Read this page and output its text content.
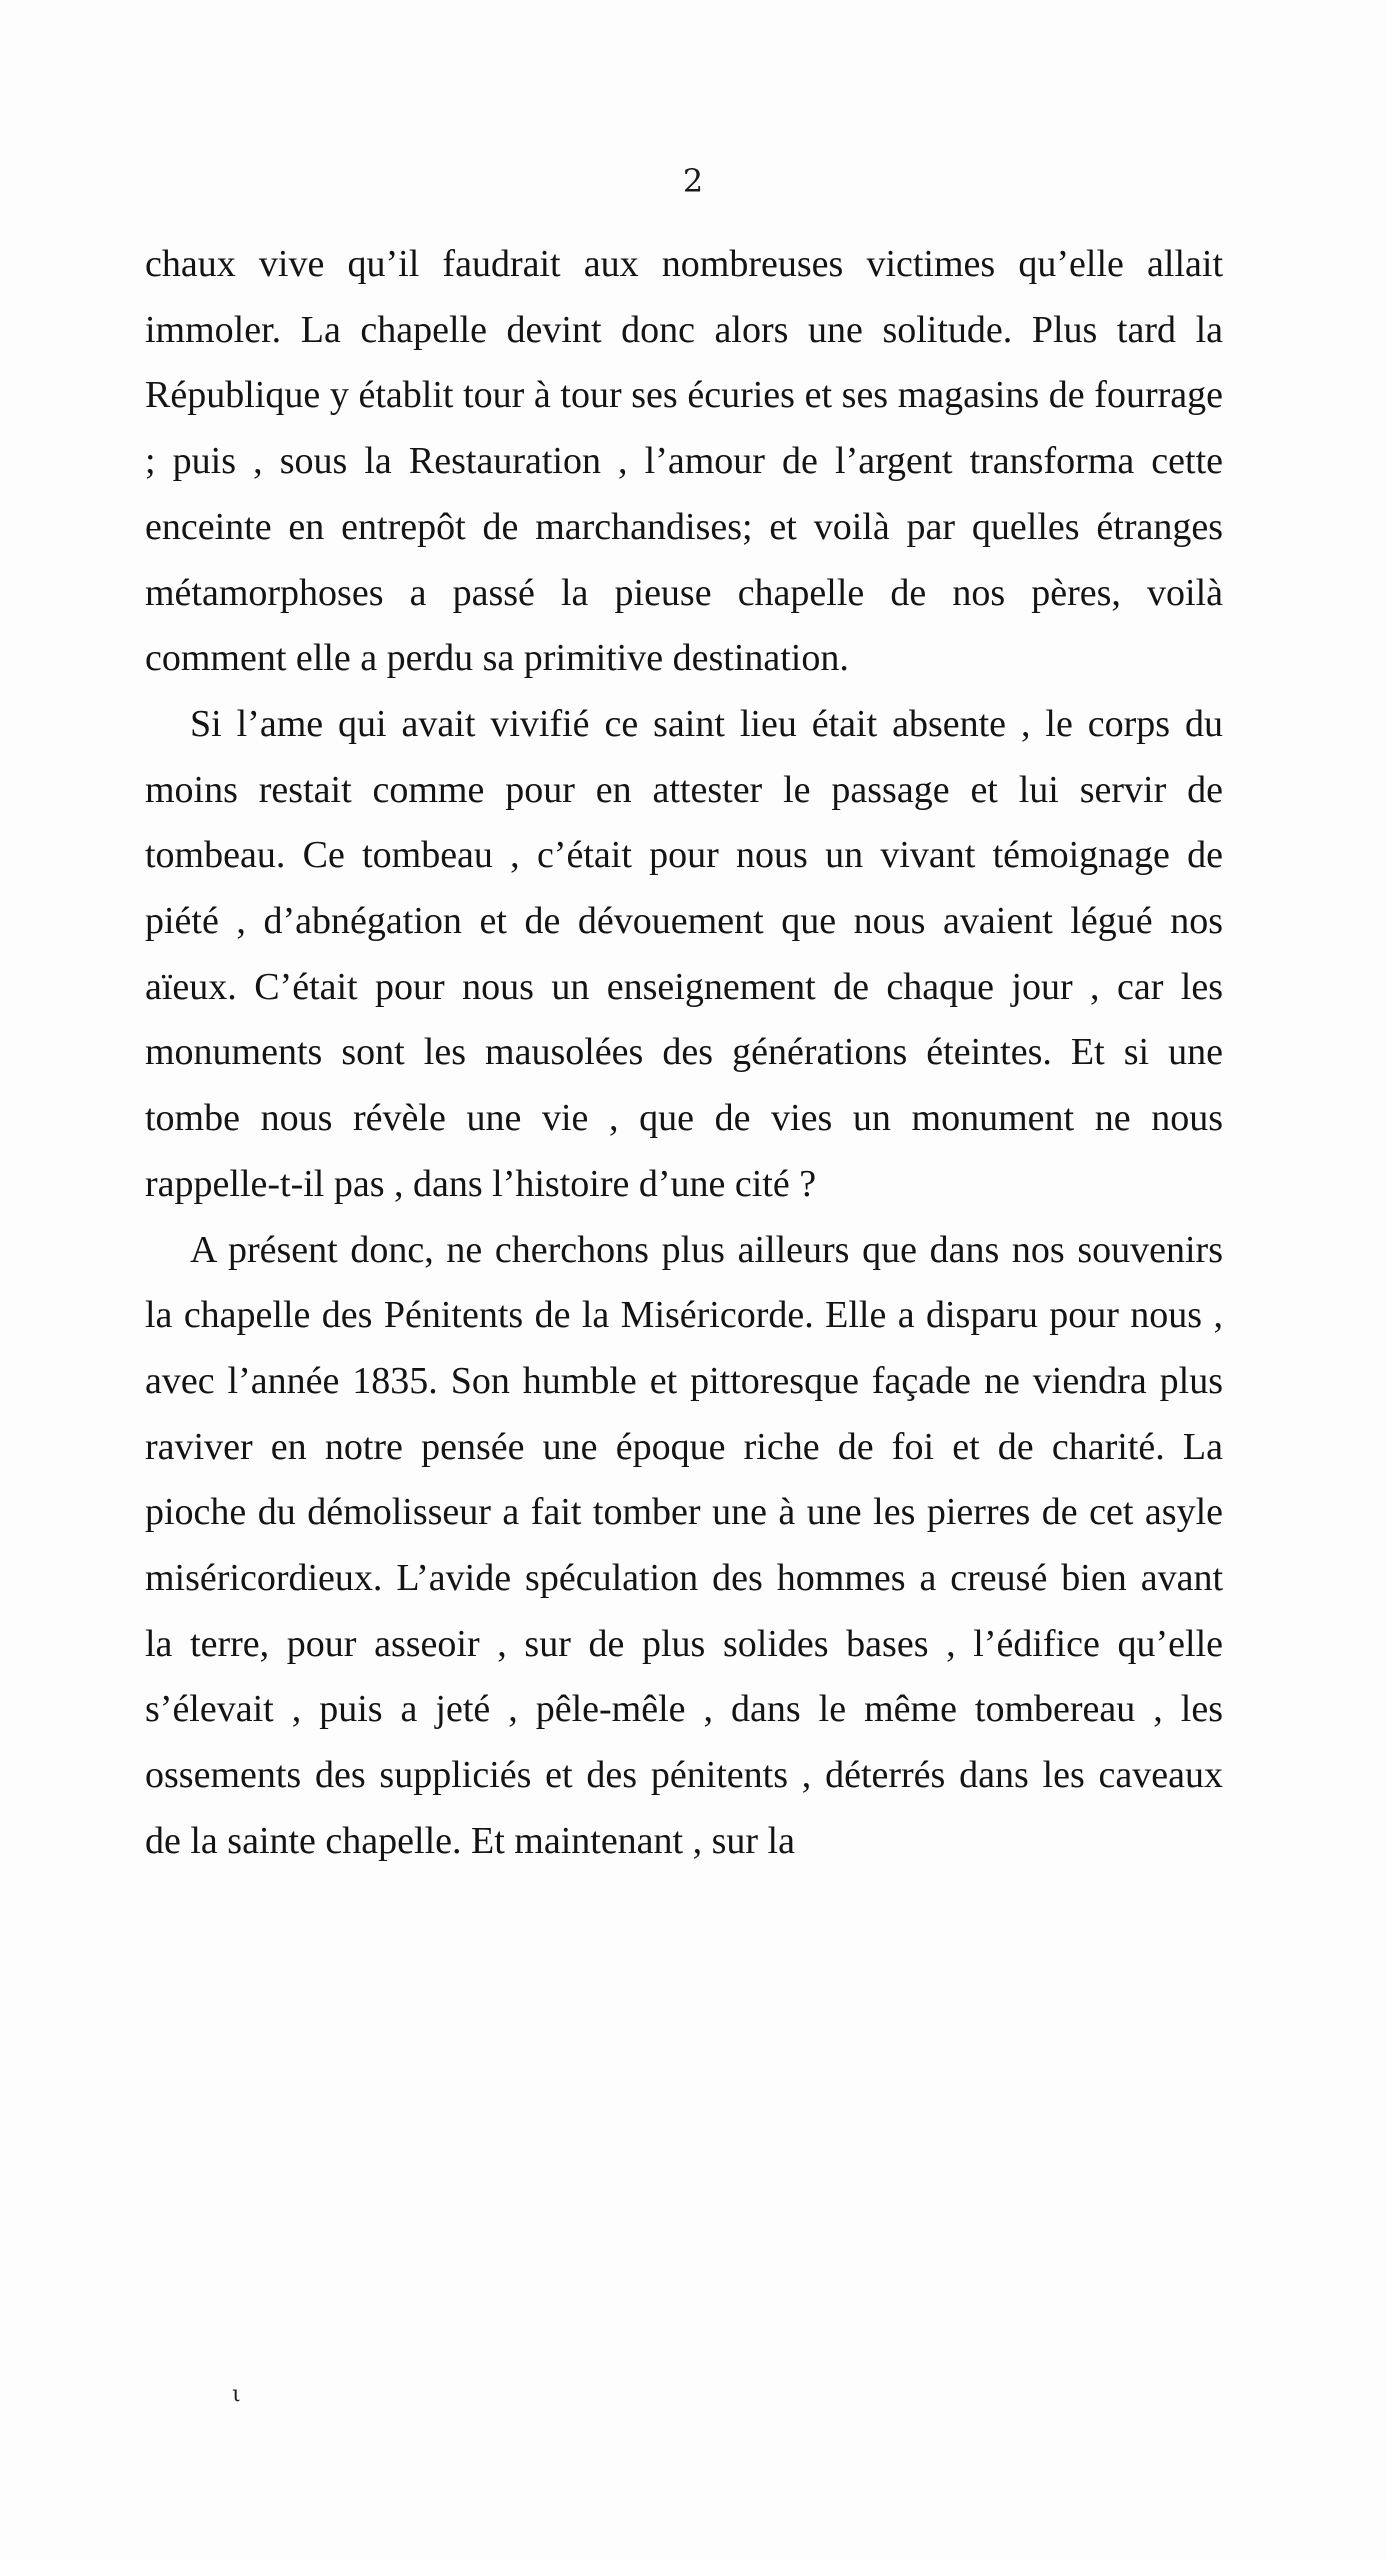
2

chaux vive qu’il faudrait aux nombreuses victimes qu’elle allait immoler. La chapelle devint donc alors une solitude. Plus tard la République y établit tour à tour ses écuries et ses magasins de fourrage ; puis , sous la Restauration , l’amour de l’argent transforma cette enceinte en entrepôt de marchandises; et voilà par quelles étranges métamorphoses a passé la pieuse chapelle de nos pères, voilà comment elle a perdu sa primitive destination.

Si l’ame qui avait vivifié ce saint lieu était absente , le corps du moins restait comme pour en attester le passage et lui servir de tombeau. Ce tombeau , c’était pour nous un vivant témoignage de piété , d’abnégation et de dévouement que nous avaient légué nos aïeux. C’était pour nous un enseignement de chaque jour , car les monuments sont les mausolées des générations éteintes. Et si une tombe nous révèle une vie , que de vies un monument ne nous rappelle-t-il pas , dans l’histoire d’une cité ?

A présent donc, ne cherchons plus ailleurs que dans nos souvenirs la chapelle des Pénitents de la Miséricorde. Elle a disparu pour nous , avec l’année 1835. Son humble et pittoresque façade ne viendra plus raviver en notre pensée une époque riche de foi et de charité. La pioche du démolisseur a fait tomber une à une les pierres de cet asyle miséricordieux. L’avide spéculation des hommes a creusé bien avant la terre, pour asseoir , sur de plus solides bases , l’édifice qu’elle s’élevait , puis a jeté , pêle-mêle , dans le même tombereau , les ossements des suppliciés et des pénitents , déterrés dans les caveaux de la sainte chapelle. Et maintenant , sur la

ι
